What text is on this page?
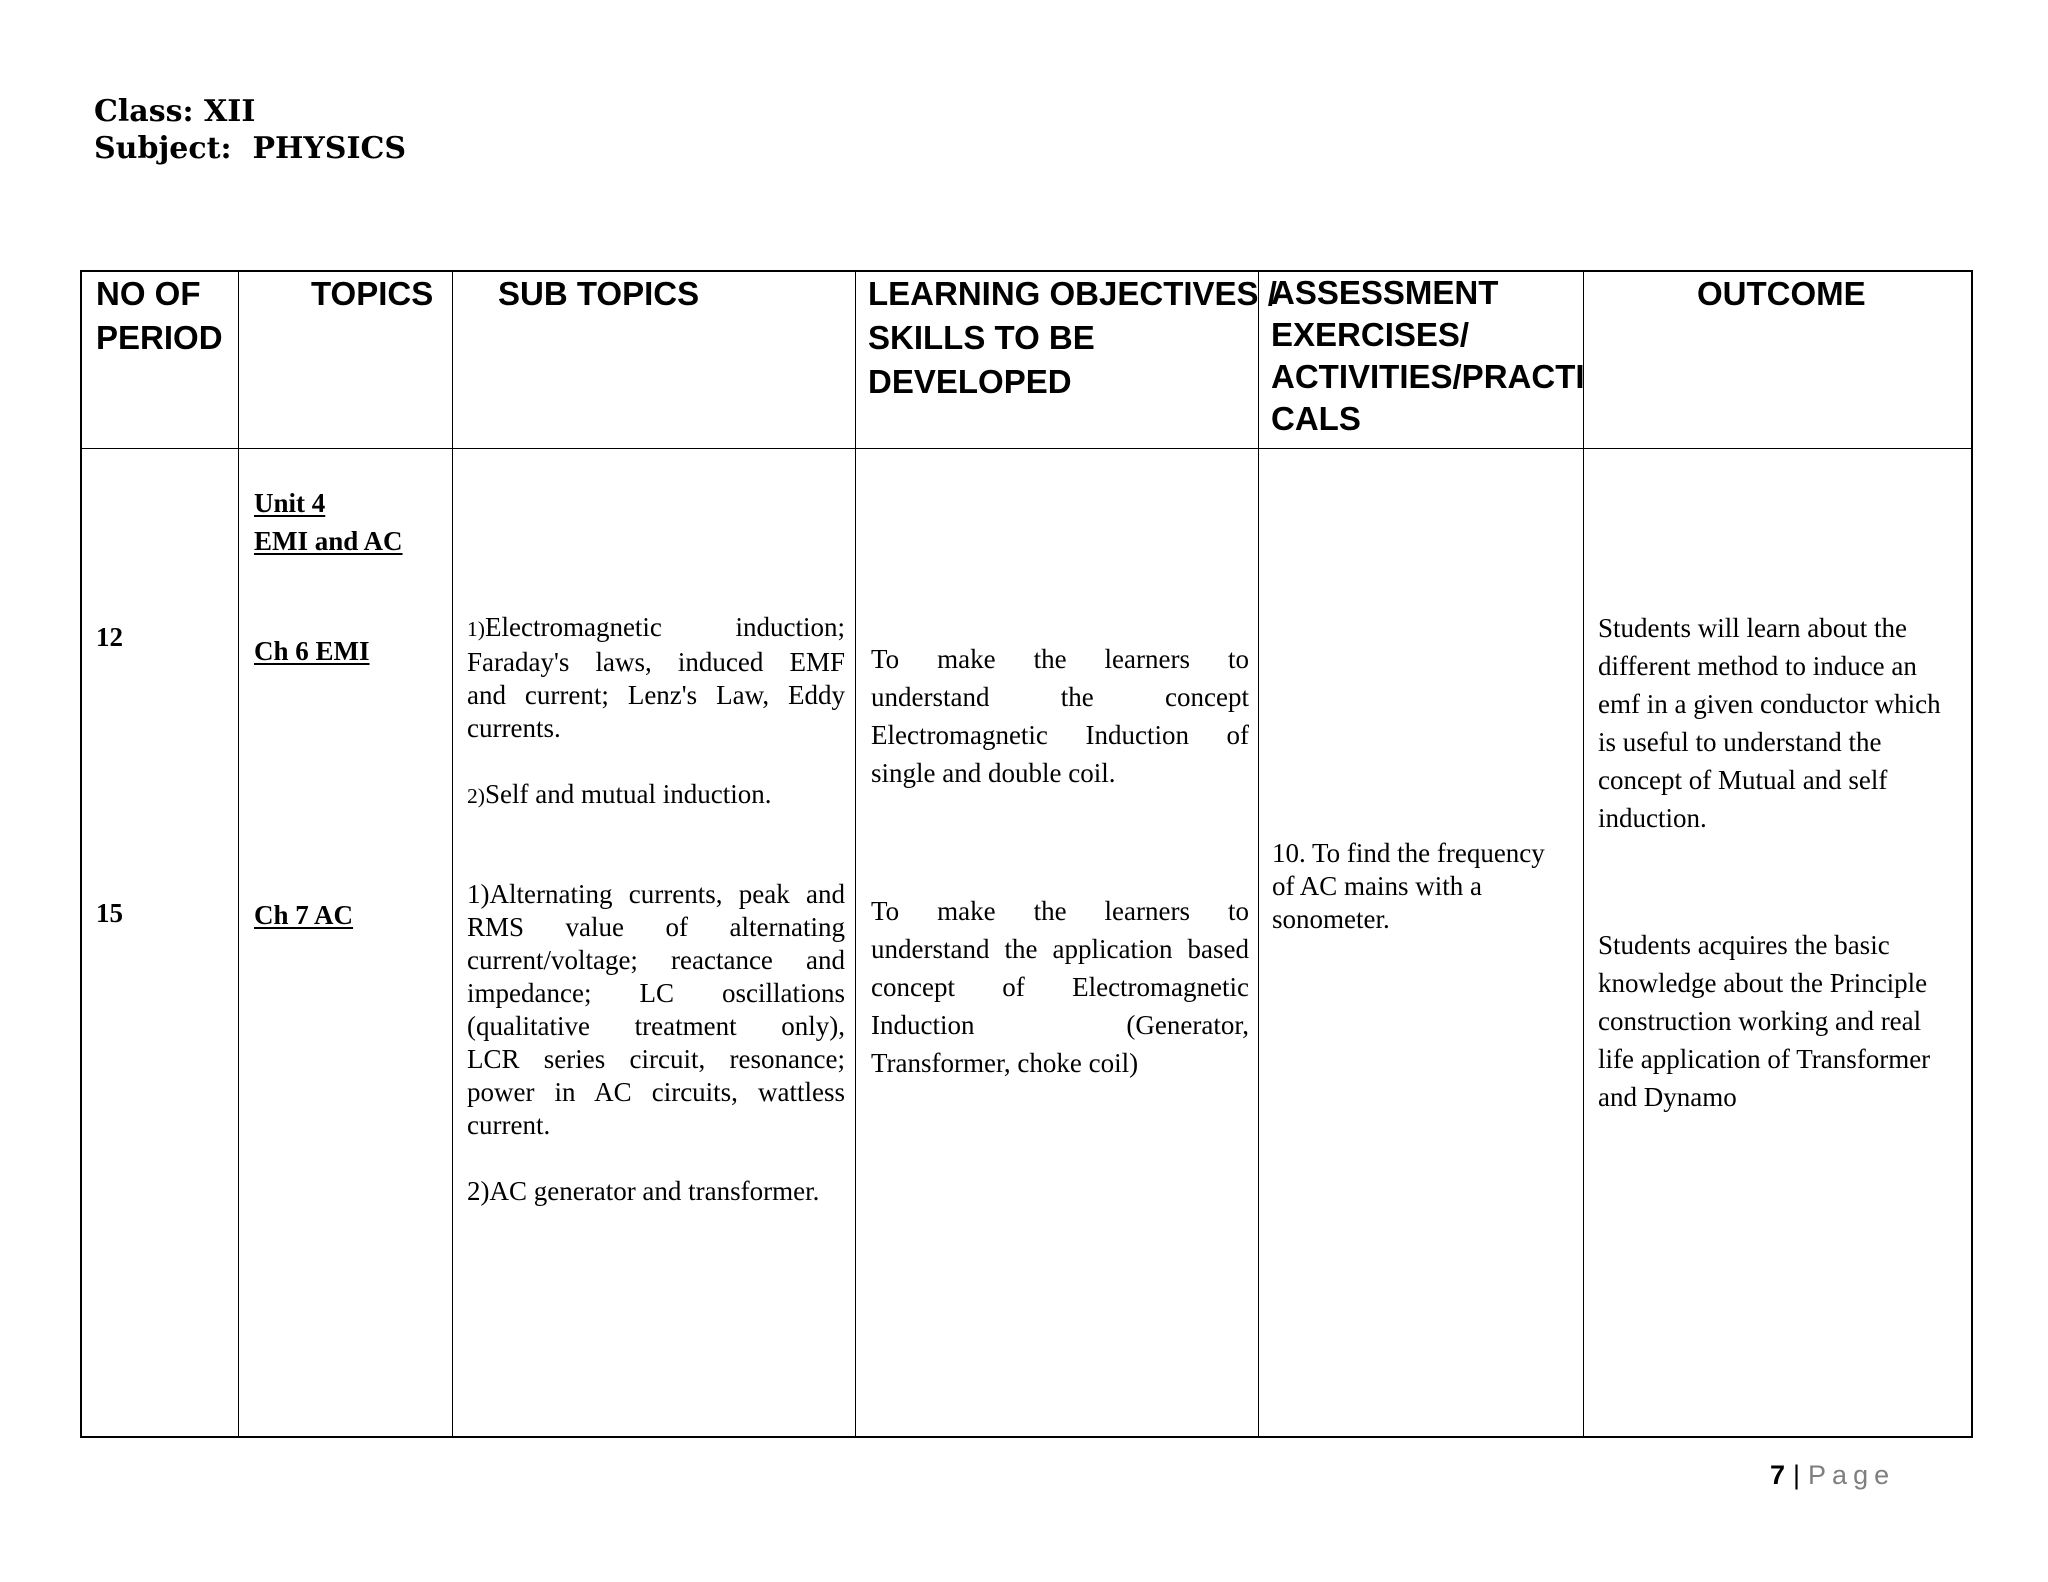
Class: XII
Subject:  PHYSICS
NO OF
PERIOD
TOPICS SUB TOPICS	LEARNING OBJECTIVES /
SKILLS TO BE
DEVELOPED
ASSESSMENT
EXERCISES/
ACTIVITIES/PRACTI
CALS
OUTCOME
12
15
Unit 4
EMI and AC
Ch 6 EMI
Ch 7 AC
1)Electromagnetic induction;
Faraday's laws, induced EMF
and current; Lenz's Law, Eddy
currents.
2)Self and mutual induction.
1)Alternating currents, peak and
RMS value of alternating
current/voltage; reactance and
impedance; LC oscillations
(qualitative treatment only),
LCR series circuit, resonance;
power in AC circuits, wattless
current.
2)AC generator and transformer.
To make the learners to
understand the concept
Electromagnetic Induction of
single and double coil.
To make the learners to
understand the application based
concept of Electromagnetic
Induction (Generator,
Transformer, choke coil)
10. To find the frequency
of AC mains with a
sonometer.
Students will learn about the
different method to induce an
emf in a given conductor which
is useful to understand the
concept of Mutual and self
induction.
Students acquires the basic
knowledge about the Principle
construction working and real
life application of Transformer
and Dynamo
7 | Page
